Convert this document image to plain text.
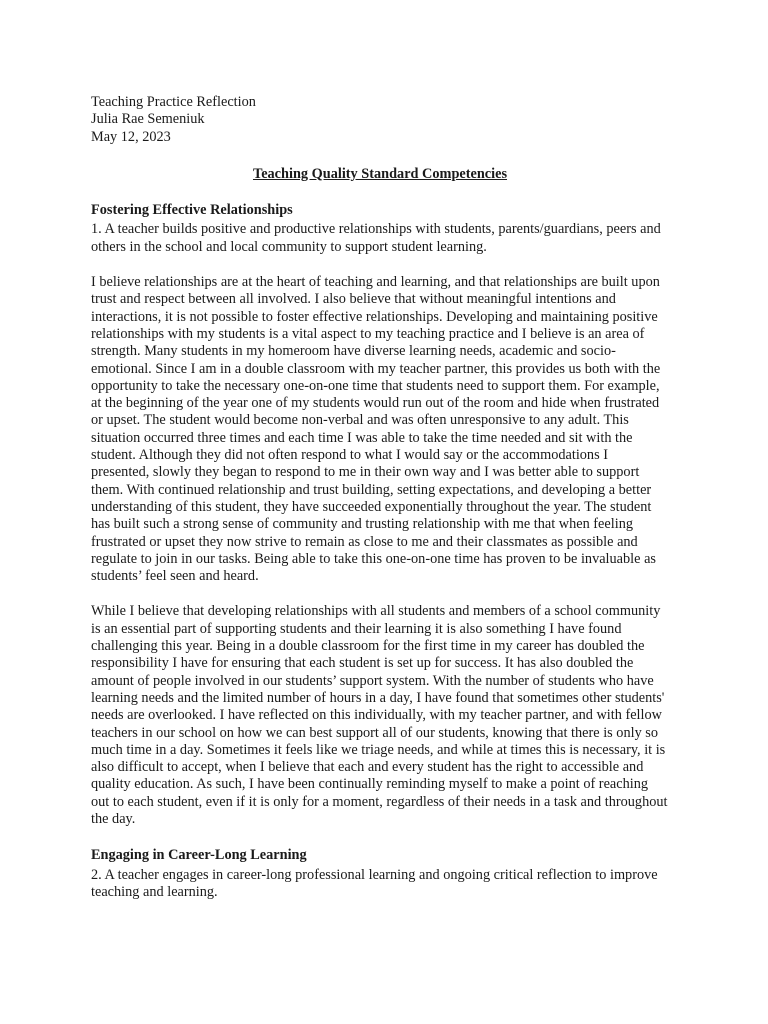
Teaching Practice Reflection

Julia Rae Semeniuk

May 12, 2023

Teaching Quality Standard Competencies

Fostering Effective Relationships

1. A teacher builds positive and productive relationships with students, parents/guardians, peers and others in the school and local community to support student learning.

I believe relationships are at the heart of teaching and learning, and that relationships are built upon trust and respect between all involved. I also believe that without meaningful intentions and interactions, it is not possible to foster effective relationships. Developing and maintaining positive relationships with my students is a vital aspect to my teaching practice and I believe is an area of strength. Many students in my homeroom have diverse learning needs, academic and socio-emotional. Since I am in a double classroom with my teacher partner, this provides us both with the opportunity to take the necessary one-on-one time that students need to support them. For example, at the beginning of the year one of my students would run out of the room and hide when frustrated or upset. The student would become non-verbal and was often unresponsive to any adult. This situation occurred three times and each time I was able to take the time needed and sit with the student. Although they did not often respond to what I would say or the accommodations I presented, slowly they began to respond to me in their own way and I was better able to support them. With continued relationship and trust building, setting expectations, and developing a better understanding of this student, they have succeeded exponentially throughout the year. The student has built such a strong sense of community and trusting relationship with me that when feeling frustrated or upset they now strive to remain as close to me and their classmates as possible and regulate to join in our tasks. Being able to take this one-on-one time has proven to be invaluable as students’ feel seen and heard.

While I believe that developing relationships with all students and members of a school community is an essential part of supporting students and their learning it is also something I have found challenging this year. Being in a double classroom for the first time in my career has doubled the responsibility I have for ensuring that each student is set up for success. It has also doubled the amount of people involved in our students’ support system. With the number of students who have learning needs and the limited number of hours in a day, I have found that sometimes other students' needs are overlooked. I have reflected on this individually, with my teacher partner, and with fellow teachers in our school on how we can best support all of our students, knowing that there is only so much time in a day. Sometimes it feels like we triage needs, and while at times this is necessary, it is also difficult to accept, when I believe that each and every student has the right to accessible and quality education. As such, I have been continually reminding myself to make a point of reaching out to each student, even if it is only for a moment, regardless of their needs in a task and throughout the day.

Engaging in Career-Long Learning

2. A teacher engages in career-long professional learning and ongoing critical reflection to improve teaching and learning.
